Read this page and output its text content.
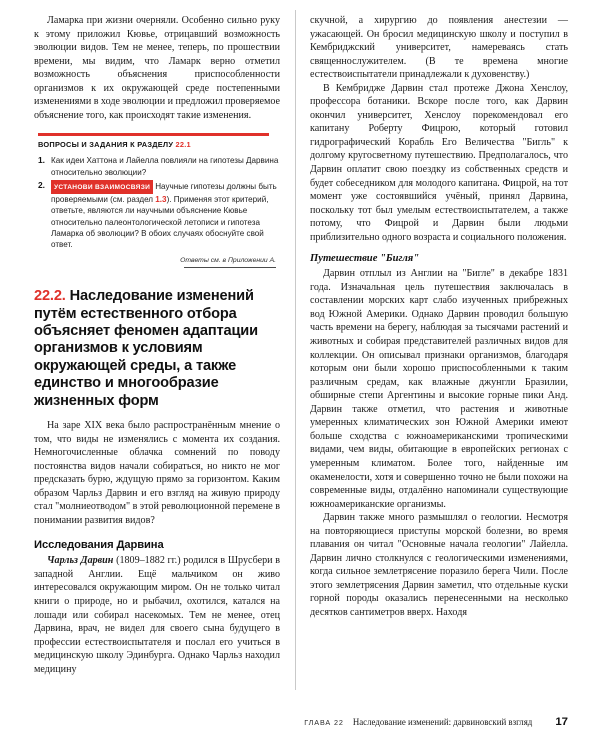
Ламарка при жизни очерняли. Особенно сильно руку к этому приложил Кювье, отрицавший возможность эволюции видов. Тем не менее, теперь, по прошествии времени, мы видим, что Ламарк верно отметил возможность объяснения приспособленности организмов к их окружающей среде постепенными изменениями в ходе эволюции и предложил проверяемое объяснение того, как происходят такие изменения.

ВОПРОСЫ И ЗАДАНИЯ К РАЗДЕЛУ 22.1
1. Как идеи Хаттона и Лайелла повлияли на гипотезы Дарвина относительно эволюции?
2. УСТАНОВИ ВЗАИМОСВЯЗИ Научные гипотезы должны быть проверяемыми (см. раздел 1.3). Применяя этот критерий, ответьте, являются ли научными объяснение Кювье относительно палеонтологической летописи и гипотеза Ламарка об эволюции? В обоих случаях обоснуйте свой ответ.
Ответы см. в Приложении А.
22.2. Наследование изменений путём естественного отбора объясняет феномен адаптации организмов к условиям окружающей среды, а также единство и многообразие жизненных форм

На заре XIX века было распространённым мнение о том, что виды не изменялись с момента их создания. Немногочисленные облачка сомнений по поводу постоянства видов начали собираться, но никто не мог предсказать бурю, ждущую прямо за горизонтом. Каким образом Чарльз Дарвин и его взгляд на живую природу стал "молниеотводом" в этой революционной перемене в понимании развития видов?

Исследования Дарвина

Чарльз Дарвин (1809–1882 гг.) родился в Шрусбери в западной Англии. Ещё мальчиком он живо интересовался окружающим миром. Он не только читал книги о природе, но и рыбачил, охотился, катался на лошади или собирал насекомых. Тем не менее, отец Дарвина, врач, не видел для своего сына будущего в профессии естествоиспытателя и послал его учиться в медицинскую школу Эдинбурга. Однако Чарльз находил медицину

скучной, а хирургию до появления анестезии — ужасающей. Он бросил медицинскую школу и поступил в Кембриджский университет, намереваясь стать священнослужителем. (В те времена многие естествоиспытатели принадлежали к духовенству.)

В Кембридже Дарвин стал протеже Джона Хенслоу, профессора ботаники. Вскоре после того, как Дарвин окончил университет, Хенслоу порекомендовал его капитану Роберту Фицрою, который готовил гидрографический Корабль Его Величества "Бигль" к долгому кругосветному путешествию. Предполагалось, что Дарвин оплатит свою поездку из собственных средств и будет собеседником для молодого капитана. Фицрой, на тот момент уже состоявшийся учёный, принял Дарвина, поскольку тот был умелым естествоиспытателем, а также потому, что Фицрой и Дарвин были людьми приблизительно одного возраста и социального положения.

Путешествие "Бигля"

Дарвин отплыл из Англии на "Бигле" в декабре 1831 года. Изначальная цель путешествия заключалась в составлении морских карт слабо изученных прибрежных вод Южной Америки. Однако Дарвин проводил большую часть времени на берегу, наблюдая за тысячами растений и животных и собирая представителей различных видов для коллекции. Он описывал признаки организмов, благодаря которым они были хорошо приспособленными к таким различным средам, как влажные джунгли Бразилии, обширные степи Аргентины и высокие горные пики Анд. Дарвин также отметил, что растения и животные умеренных климатических зон Южной Америки имеют больше сходства с южноамериканскими тропическими видами, чем виды, обитающие в европейских регионах с умеренным климатом. Более того, найденные им окаменелости, хотя и совершенно точно не были похожи на современные виды, отдалённо напоминали существующие южноамериканские организмы.

Дарвин также много размышлял о геологии. Несмотря на повторяющиеся приступы морской болезни, во время плавания он читал "Основные начала геологии" Лайелла. Дарвин лично столкнулся с геологическими изменениями, когда сильное землетрясение поразило берега Чили. После этого землетрясения Дарвин заметил, что отдельные куски горной породы оказались перенесенными на несколько десятков сантиметров вверх. Находя

ГЛАВА 22 Наследование изменений: дарвиновский взгляд 17
